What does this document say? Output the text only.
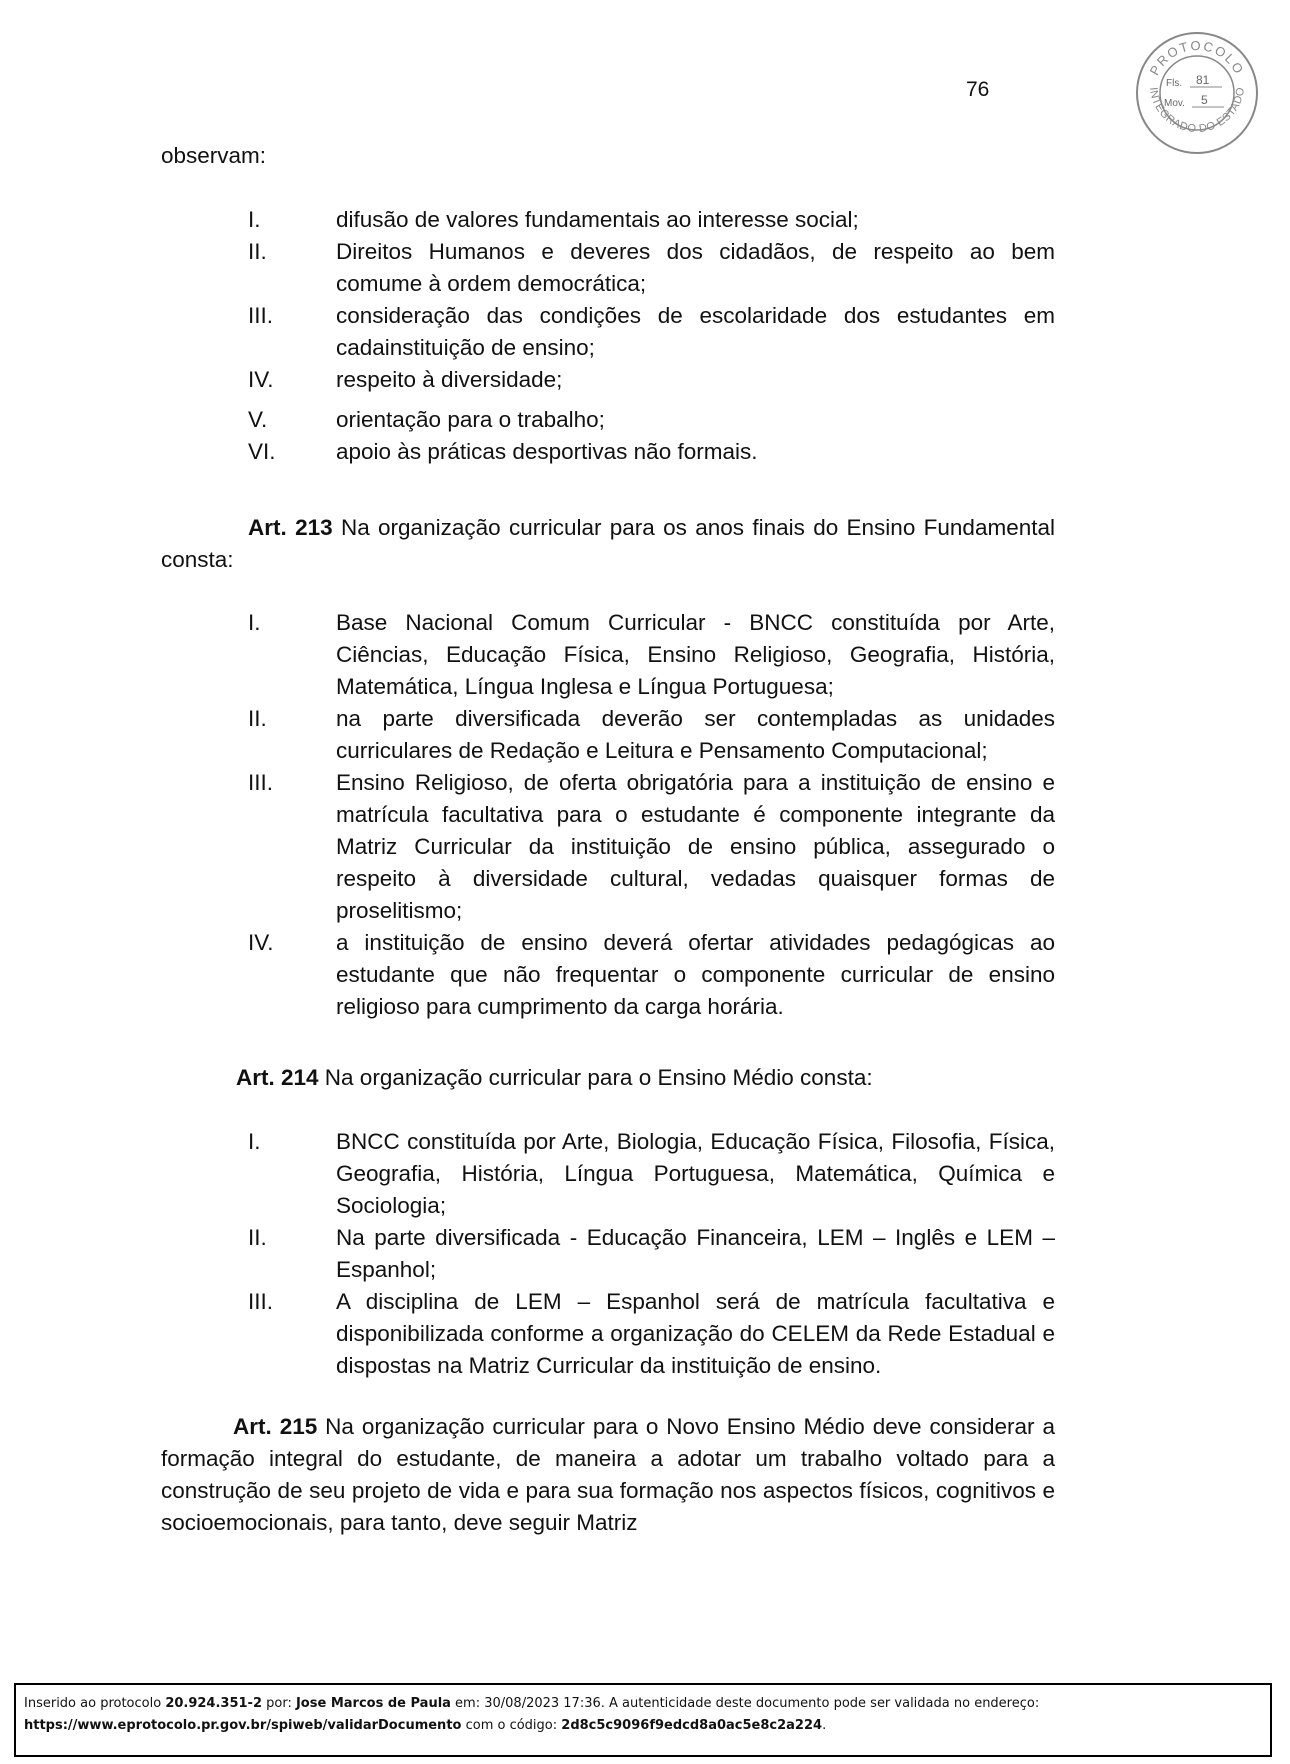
76
PROTOCOLO
INTEGRADO DO ESTADO
Fls. 81
Mov. 5
observam:
I.	difusão de valores fundamentais ao interesse social;
II.	Direitos Humanos e deveres dos cidadãos, de respeito ao bem comume à ordem democrática;
III.	consideração das condições de escolaridade dos estudantes em cadainstituição de ensino;
IV.	respeito à diversidade;
V.	orientação para o trabalho;
VI.	apoio às práticas desportivas não formais.
Art. 213 Na organização curricular para os anos finais do Ensino Fundamental consta:
I.	Base Nacional Comum Curricular - BNCC constituída por Arte, Ciências, Educação Física, Ensino Religioso, Geografia, História, Matemática, Língua Inglesa e Língua Portuguesa;
II.	na parte diversificada deverão ser contempladas as unidades curriculares de Redação e Leitura e Pensamento Computacional;
III.	Ensino Religioso, de oferta obrigatória para a instituição de ensino e matrícula facultativa para o estudante é componente integrante da Matriz Curricular da instituição de ensino pública, assegurado o respeito à diversidade cultural, vedadas quaisquer formas de proselitismo;
IV.	a instituição de ensino deverá ofertar atividades pedagógicas ao estudante que não frequentar o componente curricular de ensino religioso para cumprimento da carga horária.
Art. 214 Na organização curricular para o Ensino Médio consta:
I.	BNCC constituída por Arte, Biologia, Educação Física, Filosofia, Física, Geografia, História, Língua Portuguesa, Matemática, Química e Sociologia;
II.	Na parte diversificada - Educação Financeira, LEM – Inglês e LEM – Espanhol;
III.	A disciplina de LEM – Espanhol será de matrícula facultativa e disponibilizada conforme a organização do CELEM da Rede Estadual e dispostas na Matriz Curricular da instituição de ensino.
Art. 215 Na organização curricular para o Novo Ensino Médio deve considerar a formação integral do estudante, de maneira a adotar um trabalho voltado para a construção de seu projeto de vida e para sua formação nos aspectos físicos, cognitivos e socioemocionais, para tanto, deve seguir Matriz
Inserido ao protocolo 20.924.351-2 por: Jose Marcos de Paula em: 30/08/2023 17:36. A autenticidade deste documento pode ser validada no endereço:
https://www.eprotocolo.pr.gov.br/spiweb/validarDocumento com o código: 2d8c5c9096f9edcd8a0ac5e8c2a224.
